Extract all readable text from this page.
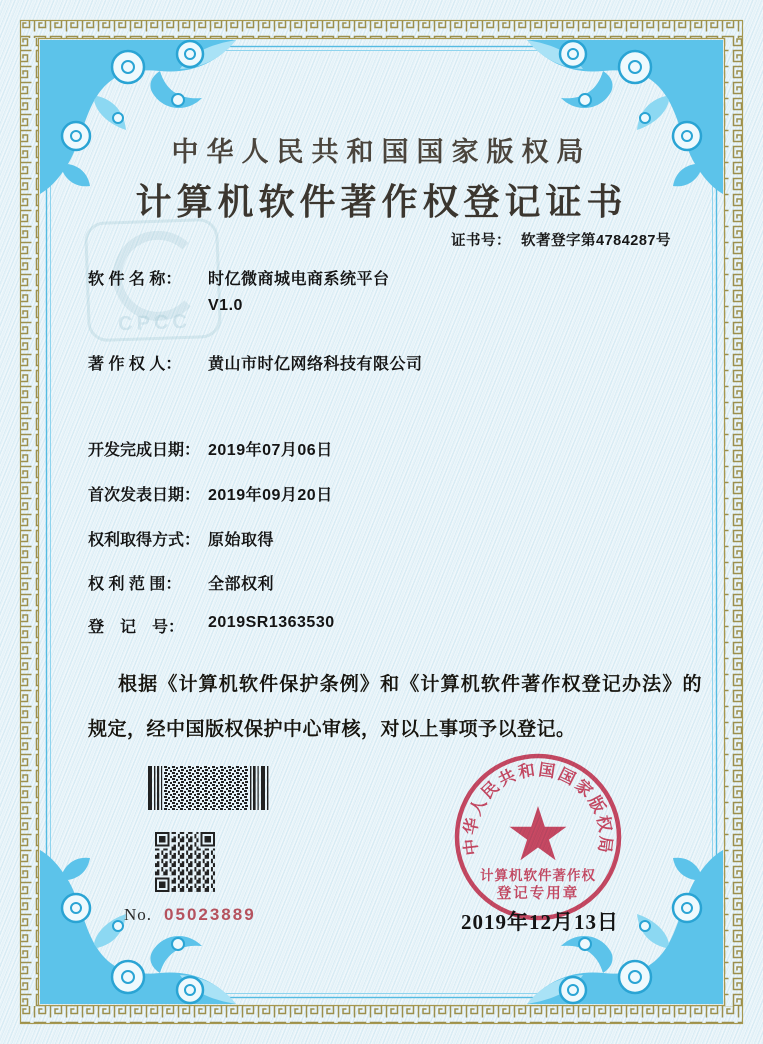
CPCC
中华人民共和国国家版权局
计算机软件著作权登记证书
证书号： 软著登字第4784287号
软 件 名 称： 时亿微商城电商系统平台
V1.0
著 作 权 人： 黄山市时亿网络科技有限公司
开发完成日期： 2019年07月06日
首次发表日期： 2019年09月20日
权利取得方式： 原始取得
权 利 范 围： 全部权利
登　记　号： 2019SR1363530
根据《计算机软件保护条例》和《计算机软件著作权登记办法》的规定，经中国版权保护中心审核，对以上事项予以登记。
No. 05023889
中华人民共和国国家版权局
计算机软件著作权
登记专用章
2019年12月13日
